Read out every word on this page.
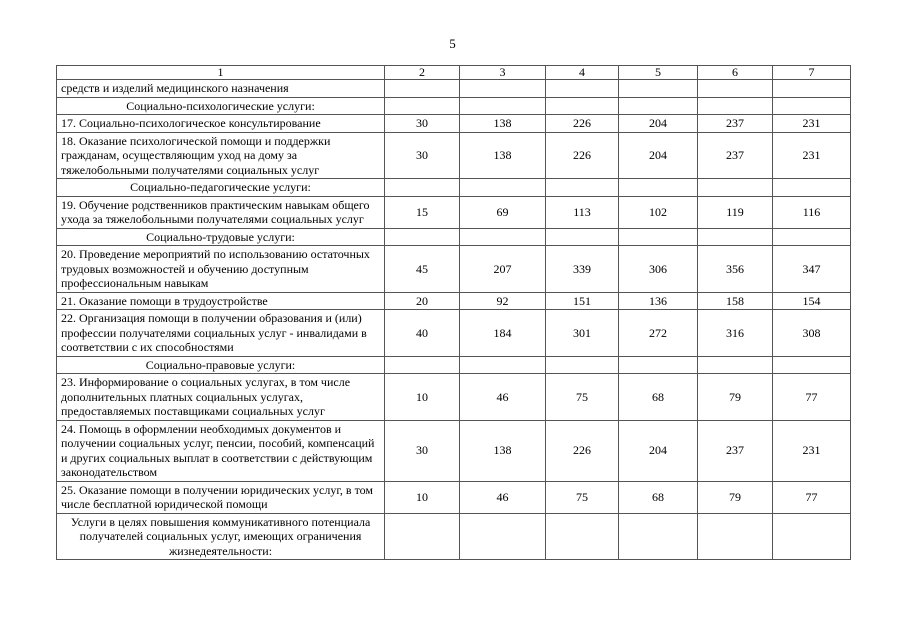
5
1	2	3	4	5	6	7
средств и изделий медицинского назначения						
Социально-психологические услуги:						
17. Социально-психологическое консультирование	30	138	226	204	237	231
18. Оказание психологической помощи и поддержки гражданам, осуществляющим уход на дому за тяжелобольными получателями социальных услуг	30	138	226	204	237	231
Социально-педагогические услуги:						
19. Обучение родственников практическим навыкам общего ухода за тяжелобольными получателями социальных услуг	15	69	113	102	119	116
Социально-трудовые услуги:						
20. Проведение мероприятий по использованию остаточных трудовых возможностей и обучению доступным профессиональным навыкам	45	207	339	306	356	347
21. Оказание помощи в трудоустройстве	20	92	151	136	158	154
22. Организация помощи в получении образования и (или) профессии получателями социальных услуг - инвалидами в соответствии с их способностями	40	184	301	272	316	308
Социально-правовые услуги:						
23. Информирование о социальных услугах, в том числе дополнительных платных социальных услугах, предоставляемых поставщиками социальных услуг	10	46	75	68	79	77
24. Помощь в оформлении необходимых документов и получении социальных услуг, пенсии, пособий, компенсаций и других социальных выплат в соответствии с действующим законодательством	30	138	226	204	237	231
25. Оказание помощи в получении юридических услуг, в том числе бесплатной юридической помощи	10	46	75	68	79	77
Услуги в целях повышения коммуникативного потенциала получателей социальных услуг, имеющих ограничения жизнедеятельности:						
